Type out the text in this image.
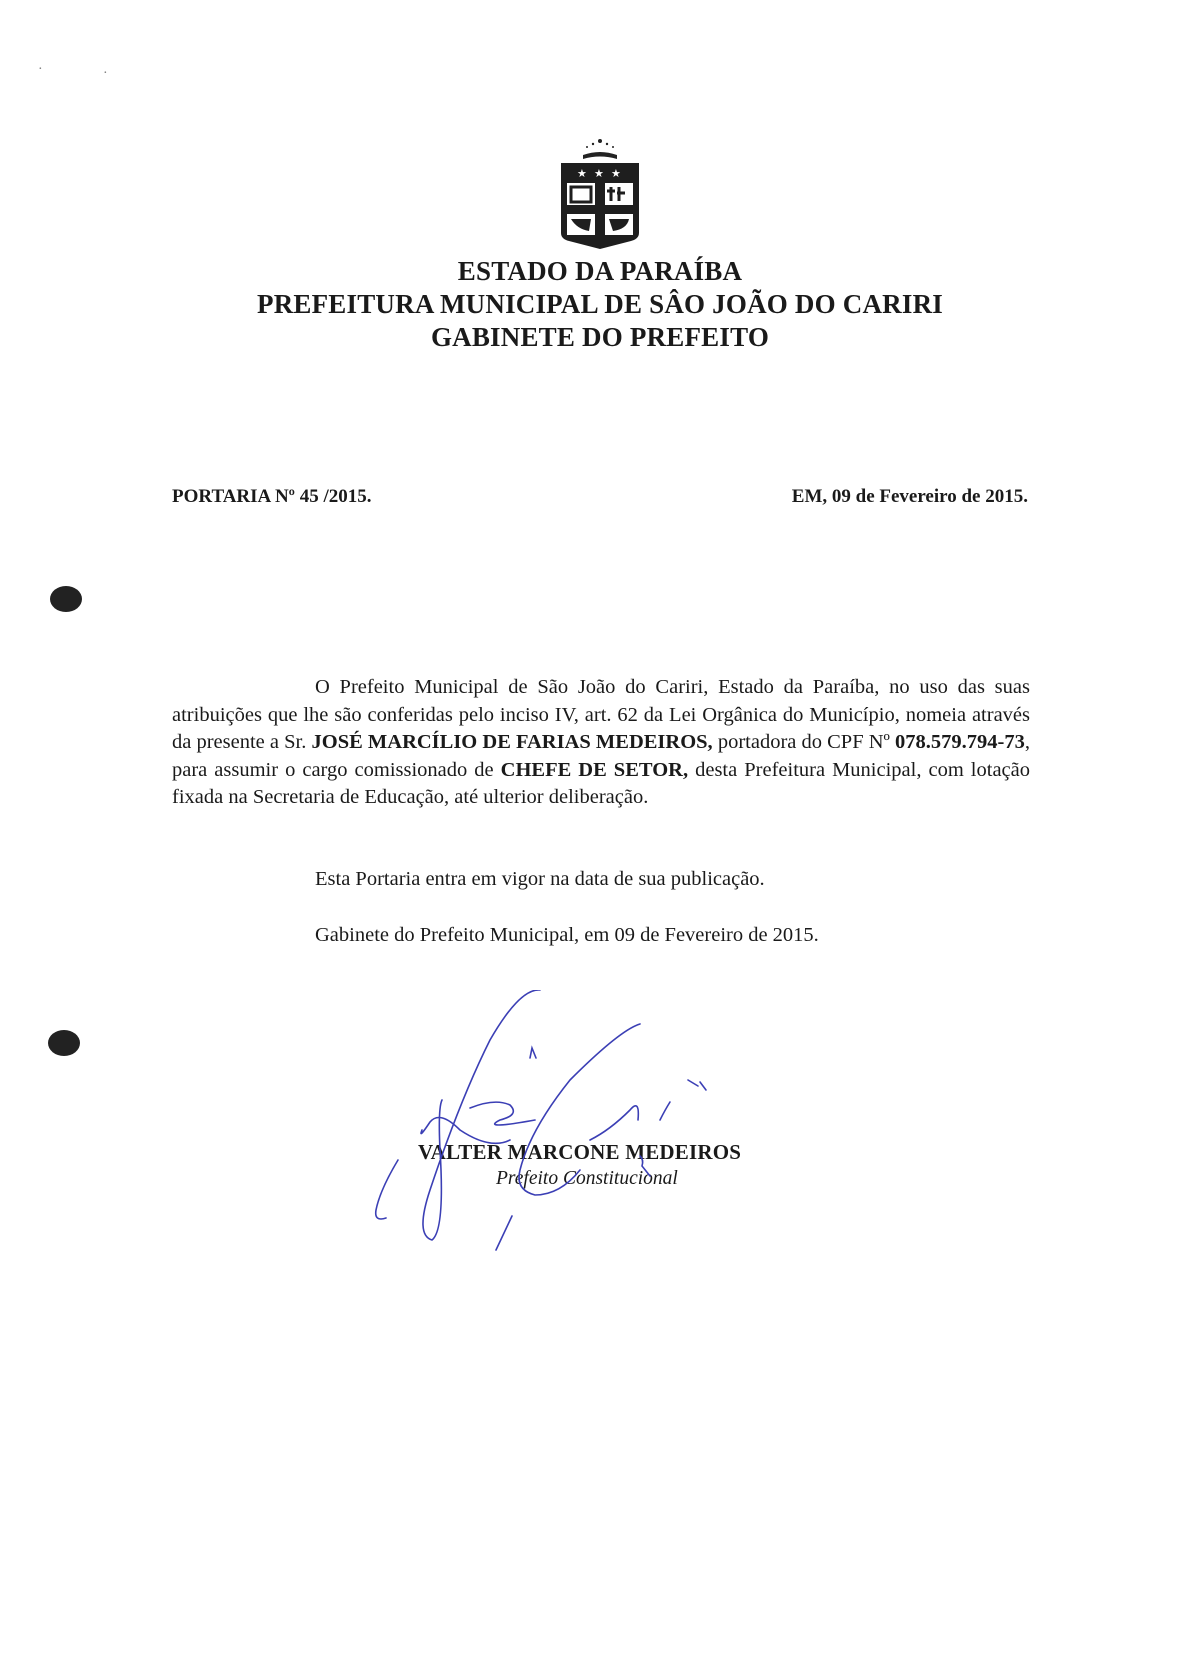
·	·
★ ★ ★
ESTADO DA PARAÍBA
PREFEITURA MUNICIPAL DE SÂO JOÃO DO CARIRI
GABINETE DO PREFEITO
PORTARIA Nº 45 /2015.	EM, 09 de Fevereiro de 2015.

O Prefeito Municipal de São João do Cariri, Estado da Paraíba, no uso das suas atribuições que lhe são conferidas pelo inciso IV, art. 62 da Lei Orgânica do Município, nomeia através da presente a Sr. JOSÉ MARCÍLIO DE FARIAS MEDEIROS, portadora do CPF Nº 078.579.794-73, para assumir o cargo comissionado de CHEFE DE SETOR, desta Prefeitura Municipal, com lotação fixada na Secretaria de Educação, até ulterior deliberação.

Esta Portaria entra em vigor na data de sua publicação.
Gabinete do Prefeito Municipal, em 09 de Fevereiro de 2015.
VALTER MARCONE MEDEIROS
Prefeito Constitucional
